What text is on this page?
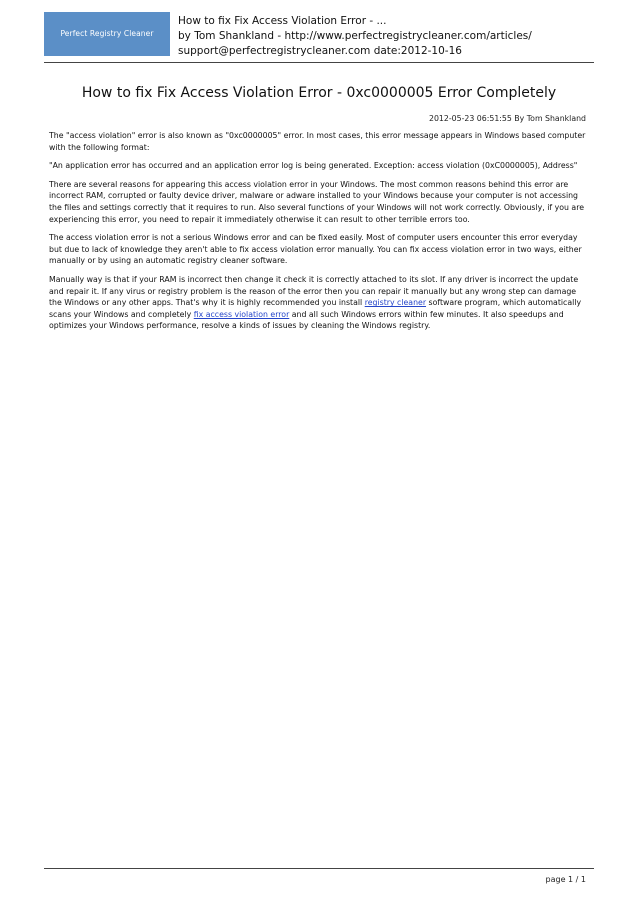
Perfect Registry Cleaner
How to fix Fix Access Violation Error - ...
by Tom Shankland - http://www.perfectregistrycleaner.com/articles/
support@perfectregistrycleaner.com date:2012-10-16
How to fix Fix Access Violation Error - 0xc0000005 Error Completely
2012-05-23 06:51:55 By Tom Shankland

The "access violation" error is also known as "0xc0000005" error. In most cases, this error message appears in Windows based computer with the following format:

"An application error has occurred and an application error log is being generated. Exception: access violation (0xC0000005), Address"

There are several reasons for appearing this access violation error in your Windows. The most common reasons behind this error are incorrect RAM, corrupted or faulty device driver, malware or adware installed to your Windows because your computer is not accessing the files and settings correctly that it requires to run. Also several functions of your Windows will not work correctly. Obviously, if you are experiencing this error, you need to repair it immediately otherwise it can result to other terrible errors too.

The access violation error is not a serious Windows error and can be fixed easily. Most of computer users encounter this error everyday but due to lack of knowledge they aren't able to fix access violation error manually. You can fix access violation error in two ways, either manually or by using an automatic registry cleaner software.

Manually way is that if your RAM is incorrect then change it check it is correctly attached to its slot. If any driver is incorrect the update and repair it. If any virus or registry problem is the reason of the error then you can repair it manually but any wrong step can damage the Windows or any other apps. That's why it is highly recommended you install registry cleaner software program, which automatically scans your Windows and completely fix access violation error and all such Windows errors within few minutes. It also speedups and optimizes your Windows performance, resolve a kinds of issues by cleaning the Windows registry.

page 1 / 1
